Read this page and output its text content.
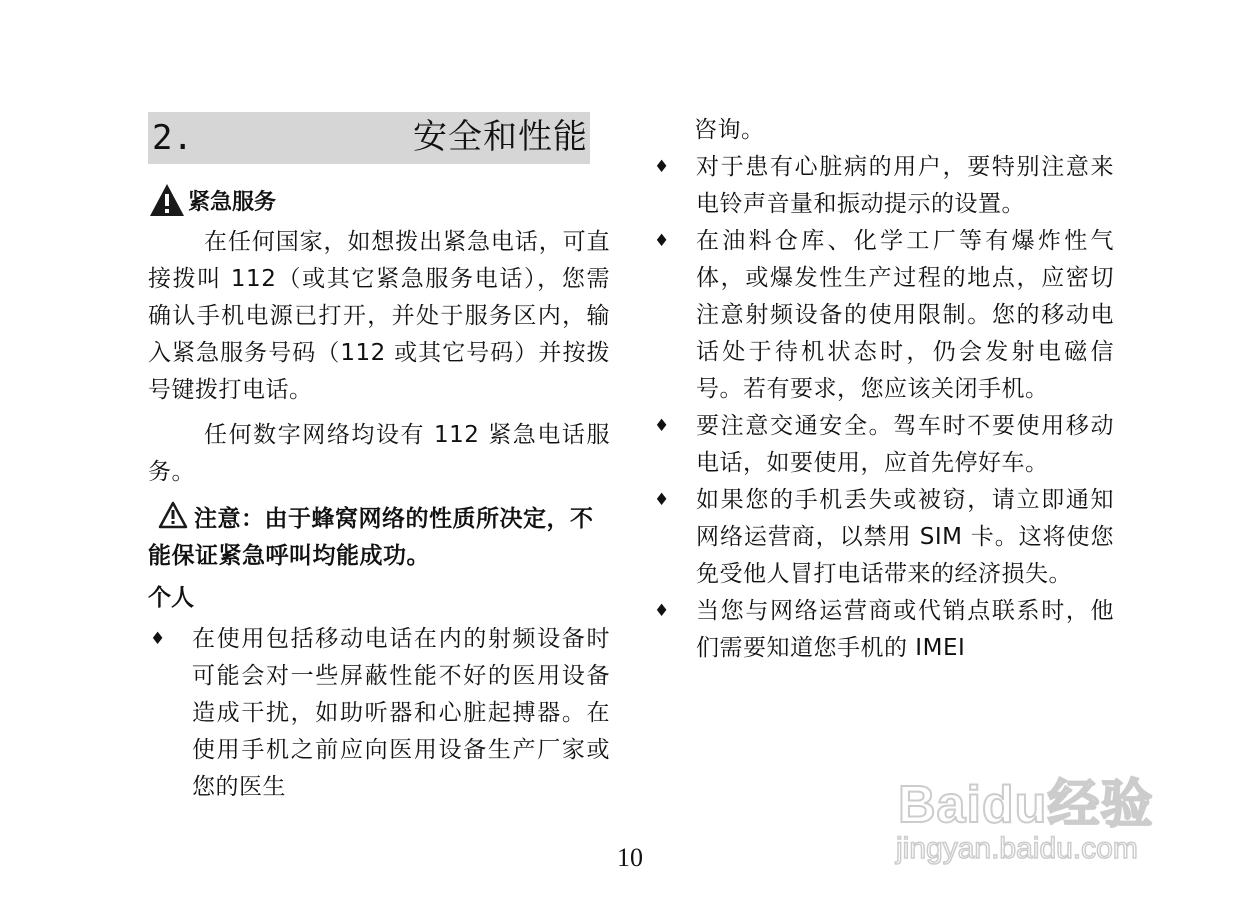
2.	安全和性能
紧急服务

在任何国家，如想拨出紧急电话，可直接拨叫 112（或其它紧急服务电话），您需确认手机电源已打开，并处于服务区内，输入紧急服务号码（112 或其它号码）并按拨号键拨打电话。

任何数字网络均设有 112 紧急电话服务。

注意：由于蜂窝网络的性质所决定，不能保证紧急呼叫均能成功。

个人
♦	在使用包括移动电话在内的射频设备时可能会对一些屏蔽性能不好的医用设备造成干扰，如助听器和心脏起搏器。在使用手机之前应向医用设备生产厂家或您的医生
咨询。
♦	对于患有心脏病的用户，要特别注意来电铃声音量和振动提示的设置。
♦	在油料仓库、化学工厂等有爆炸性气体，或爆发性生产过程的地点，应密切注意射频设备的使用限制。您的移动电话处于待机状态时，仍会发射电磁信号。若有要求，您应该关闭手机。
♦	要注意交通安全。驾车时不要使用移动电话，如要使用，应首先停好车。
♦	如果您的手机丢失或被窃，请立即通知网络运营商，以禁用 SIM 卡。这将使您免受他人冒打电话带来的经济损失。
♦	当您与网络运营商或代销点联系时，他们需要知道您手机的 IMEI
10
Baidu经验
jingyan.baidu.com
